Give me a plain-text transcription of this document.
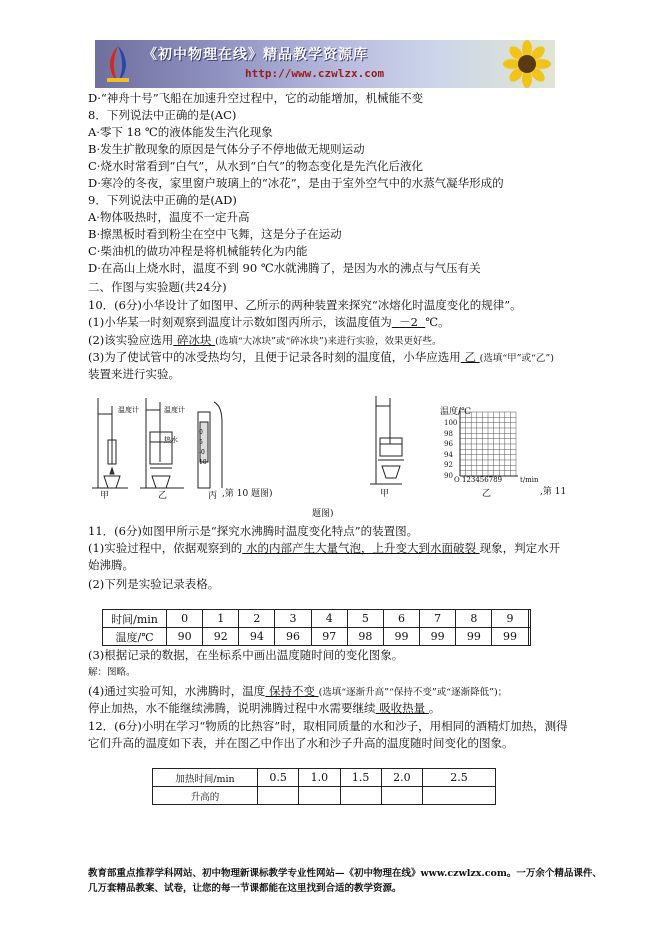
《初中物理在线》精品教学资源库
http://www.czwlzx.com
D·“神舟十号”飞船在加速升空过程中，它的动能增加，机械能不变
8．下列说法中正确的是(AC)
A·零下 18 ℃的液体能发生汽化现象
B·发生扩散现象的原因是气体分子不停地做无规则运动
C·烧水时常看到“白气”，从水到“白气”的物态变化是先汽化后液化
D·寒冷的冬夜，家里窗户玻璃上的“冰花”，是由于室外空气中的水蒸气凝华形成的
9．下列说法中正确的是(AD)
A·物体吸热时，温度不一定升高
B·擦黑板时看到粉尘在空中飞舞，这是分子在运动
C·柴油机的做功冲程是将机械能转化为内能
D·在高山上烧水时，温度不到 90 ℃水就沸腾了，是因为水的沸点与气压有关
二、作图与实验题(共24分)
10．(6分)小华设计了如图甲、乙所示的两种装置来探究“冰熔化时温度变化的规律”。
(1)小华某一时刻观察到温度计示数如图丙所示，该温度值为 －2 ℃。
(2)该实验应选用 碎冰块 (选填“大冰块”或“碎冰块”)来进行实验，效果更好些。
(3)为了使试管中的冰受热均匀，且便于记录各时刻的温度值，小华应选用 乙 (选填“甲”或“乙”)
装置来进行实验。
温度计
热水
温度计
0
5
-0
10
甲	乙	丙 ,第 10 题图)
温度/℃
100
98
96
94
92
90
O 123456789	t/min
甲	乙	,第 11
题图)
11．(6分)如图甲所示是“探究水沸腾时温度变化特点”的装置图。
(1)实验过程中，依据观察到的 水的内部产生大量气泡，上升变大到水面破裂 现象，判定水开
始沸腾。
(2)下列是实验记录表格。
时间/min	0	1	2	3	4	5	6	7	8	9	
温度/℃	90	92	94	96	97	98	99	99	99	99	
(3)根据记录的数据，在坐标系中画出温度随时间的变化图象。
解：图略。
(4)通过实验可知，水沸腾时，温度 保持不变 (选填“逐渐升高”“保持不变”或“逐渐降低”)；
停止加热，水不能继续沸腾，说明沸腾过程中水需要继续 吸收热量 。
12．(6分)小明在学习“物质的比热容”时，取相同质量的水和沙子，用相同的酒精灯加热，测得
它们升高的温度如下表，并在图乙中作出了水和沙子升高的温度随时间变化的图象。
加热时间/min	0.5	1.0	1.5	2.0	2.5
升高的					
教育部重点推荐学科网站、初中物理新课标教学专业性网站—《初中物理在线》www.czwlzx.com。一万余个精品课件、
几万套精品教案、试卷，让您的每一节课都能在这里找到合适的教学资源。
